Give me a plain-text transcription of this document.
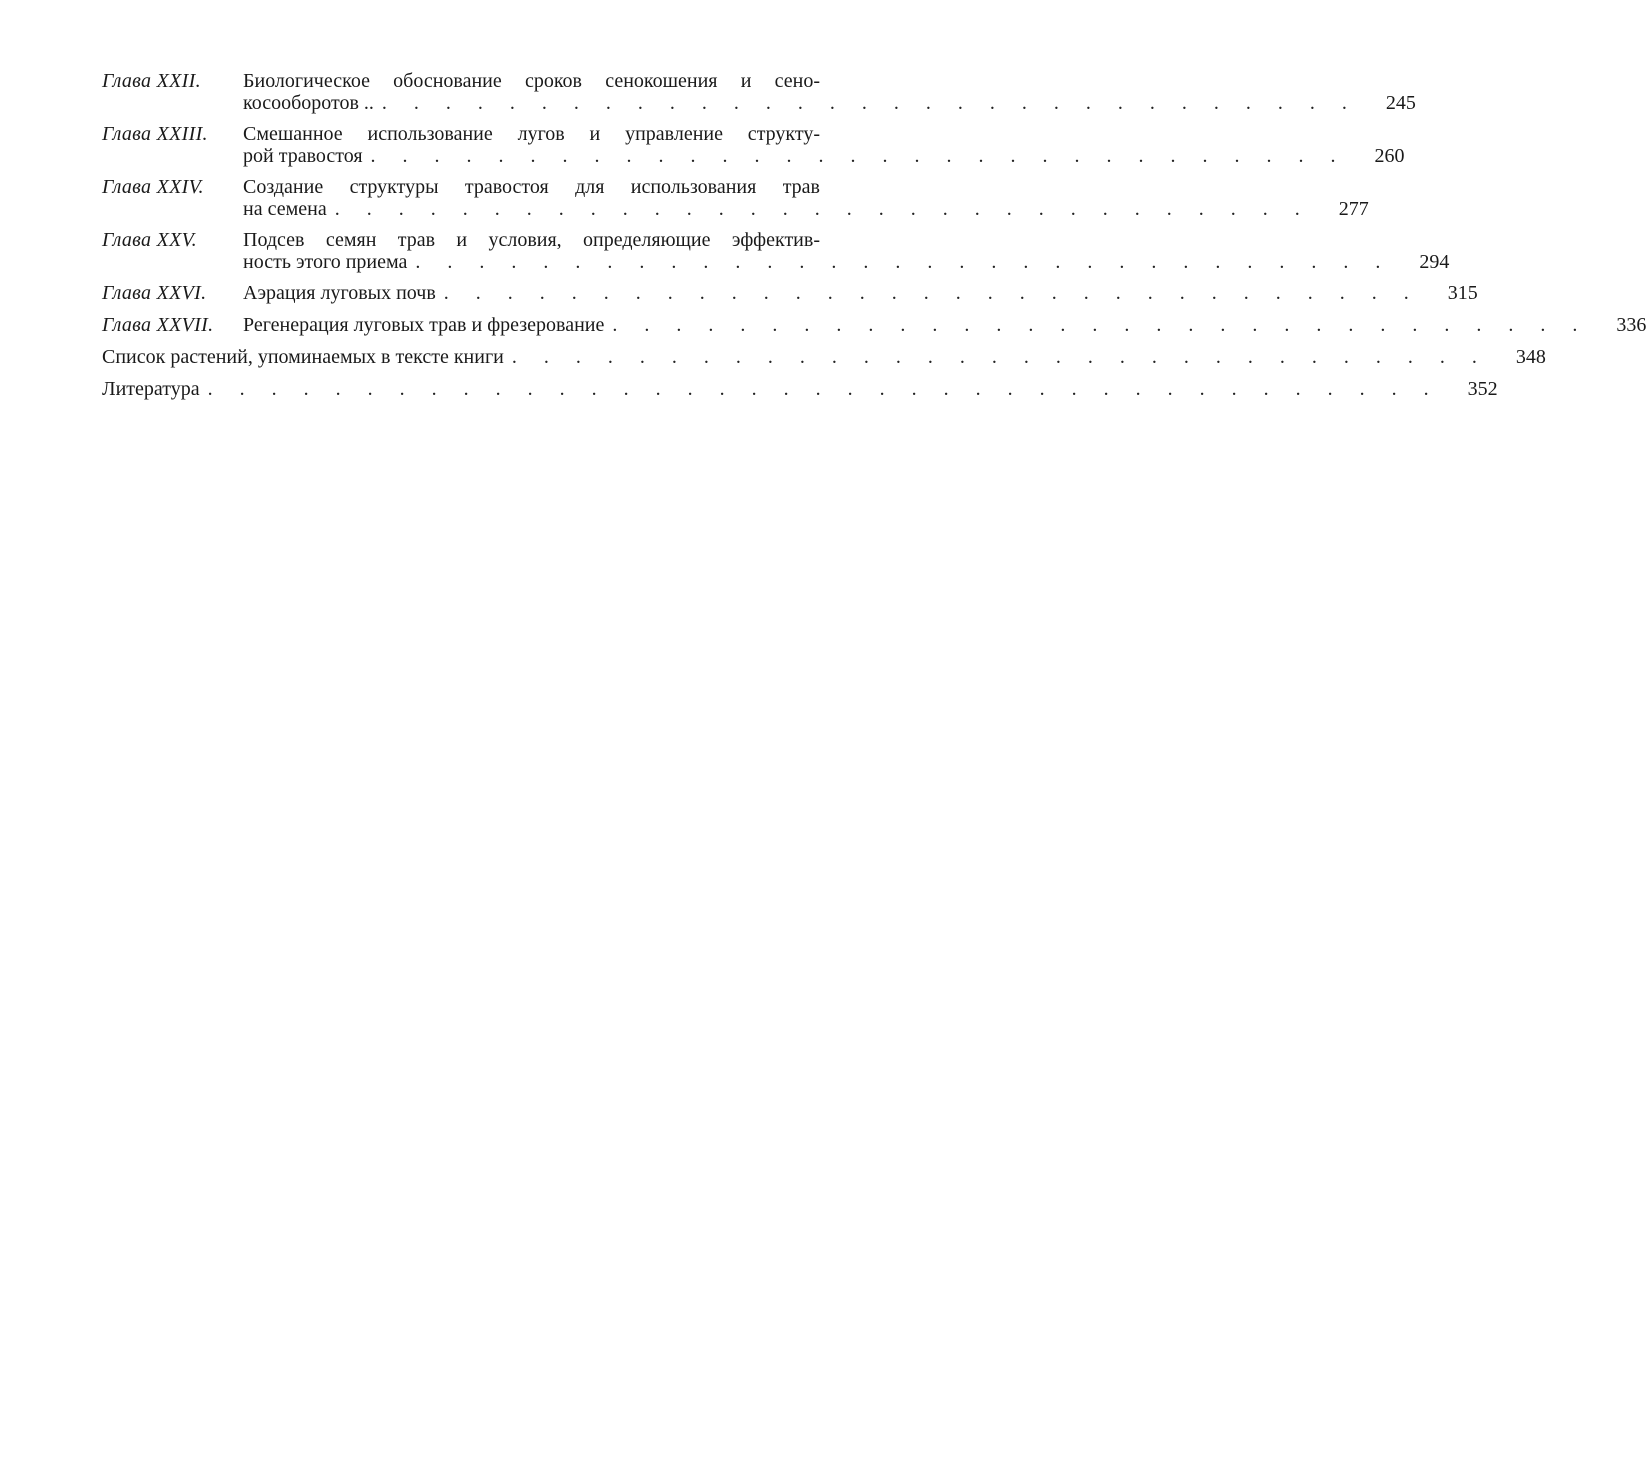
Глава XXII.	Биологическое обоснование сроков сенокошения и сено-
косооборотов .. . . . . . . . . . . . . . . . . . . . . . . . . . . . . . . .	245
Глава XXIII.	Смешанное использование лугов и управление структу-
рой травостоя . . . . . . . . . . . . . . . . . . . . . . . . . . . . . . .	260
Глава XXIV.	Создание структуры травостоя для использования трав
на семена . . . . . . . . . . . . . . . . . . . . . . . . . . . . . . .	277
Глава XXV.	Подсев семян трав и условия, определяющие эффектив-
ность этого приема . . . . . . . . . . . . . . . . . . . . . . . . . . . . . . .	294
Глава XXVI.	Аэрация луговых почв . . . . . . . . . . . . . . . . . . . . . . . . . . . . . . .	315
Глава XXVII.	Регенерация луговых трав и фрезерование . . . . . . . . . . . . . . . . . . . . . . . . . . . . . . .	336
Список растений, упоминаемых в тексте книги . . . . . . . . . . . . . . . . . . . . . . . . . . . . . . .	348
Литература . . . . . . . . . . . . . . . . . . . . . . . . . . . . . . . . . . . . . . .	352
